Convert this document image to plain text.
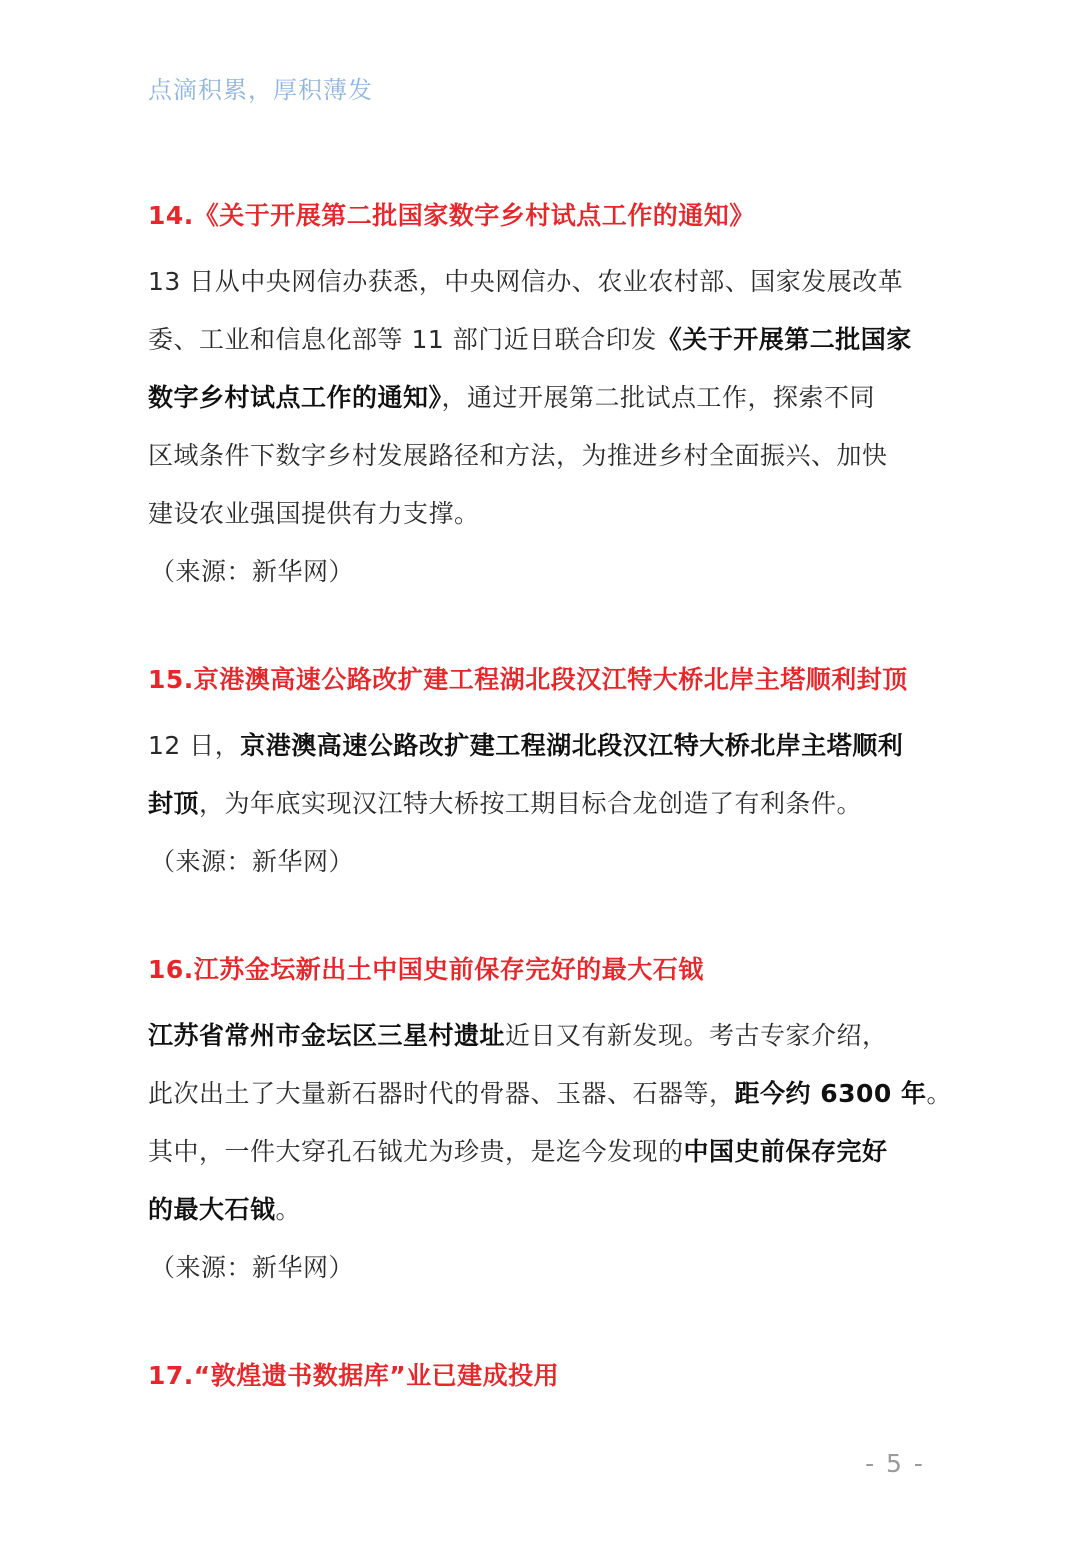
点滴积累，厚积薄发
14.《关于开展第二批国家数字乡村试点工作的通知》
13 日从中央网信办获悉，中央网信办、农业农村部、国家发展改革
委、工业和信息化部等 11 部门近日联合印发《关于开展第二批国家
数字乡村试点工作的通知》，通过开展第二批试点工作，探索不同
区域条件下数字乡村发展路径和方法，为推进乡村全面振兴、加快
建设农业强国提供有力支撑。
（来源：新华网）
15.京港澳高速公路改扩建工程湖北段汉江特大桥北岸主塔顺利封顶
12 日，京港澳高速公路改扩建工程湖北段汉江特大桥北岸主塔顺利
封顶，为年底实现汉江特大桥按工期目标合龙创造了有利条件。
（来源：新华网）
16.江苏金坛新出土中国史前保存完好的最大石钺
江苏省常州市金坛区三星村遗址近日又有新发现。考古专家介绍，
此次出土了大量新石器时代的骨器、玉器、石器等，距今约 6300 年。
其中，一件大穿孔石钺尤为珍贵，是迄今发现的中国史前保存完好
的最大石钺。
（来源：新华网）
17.“敦煌遗书数据库”业已建成投用
- 5 -
